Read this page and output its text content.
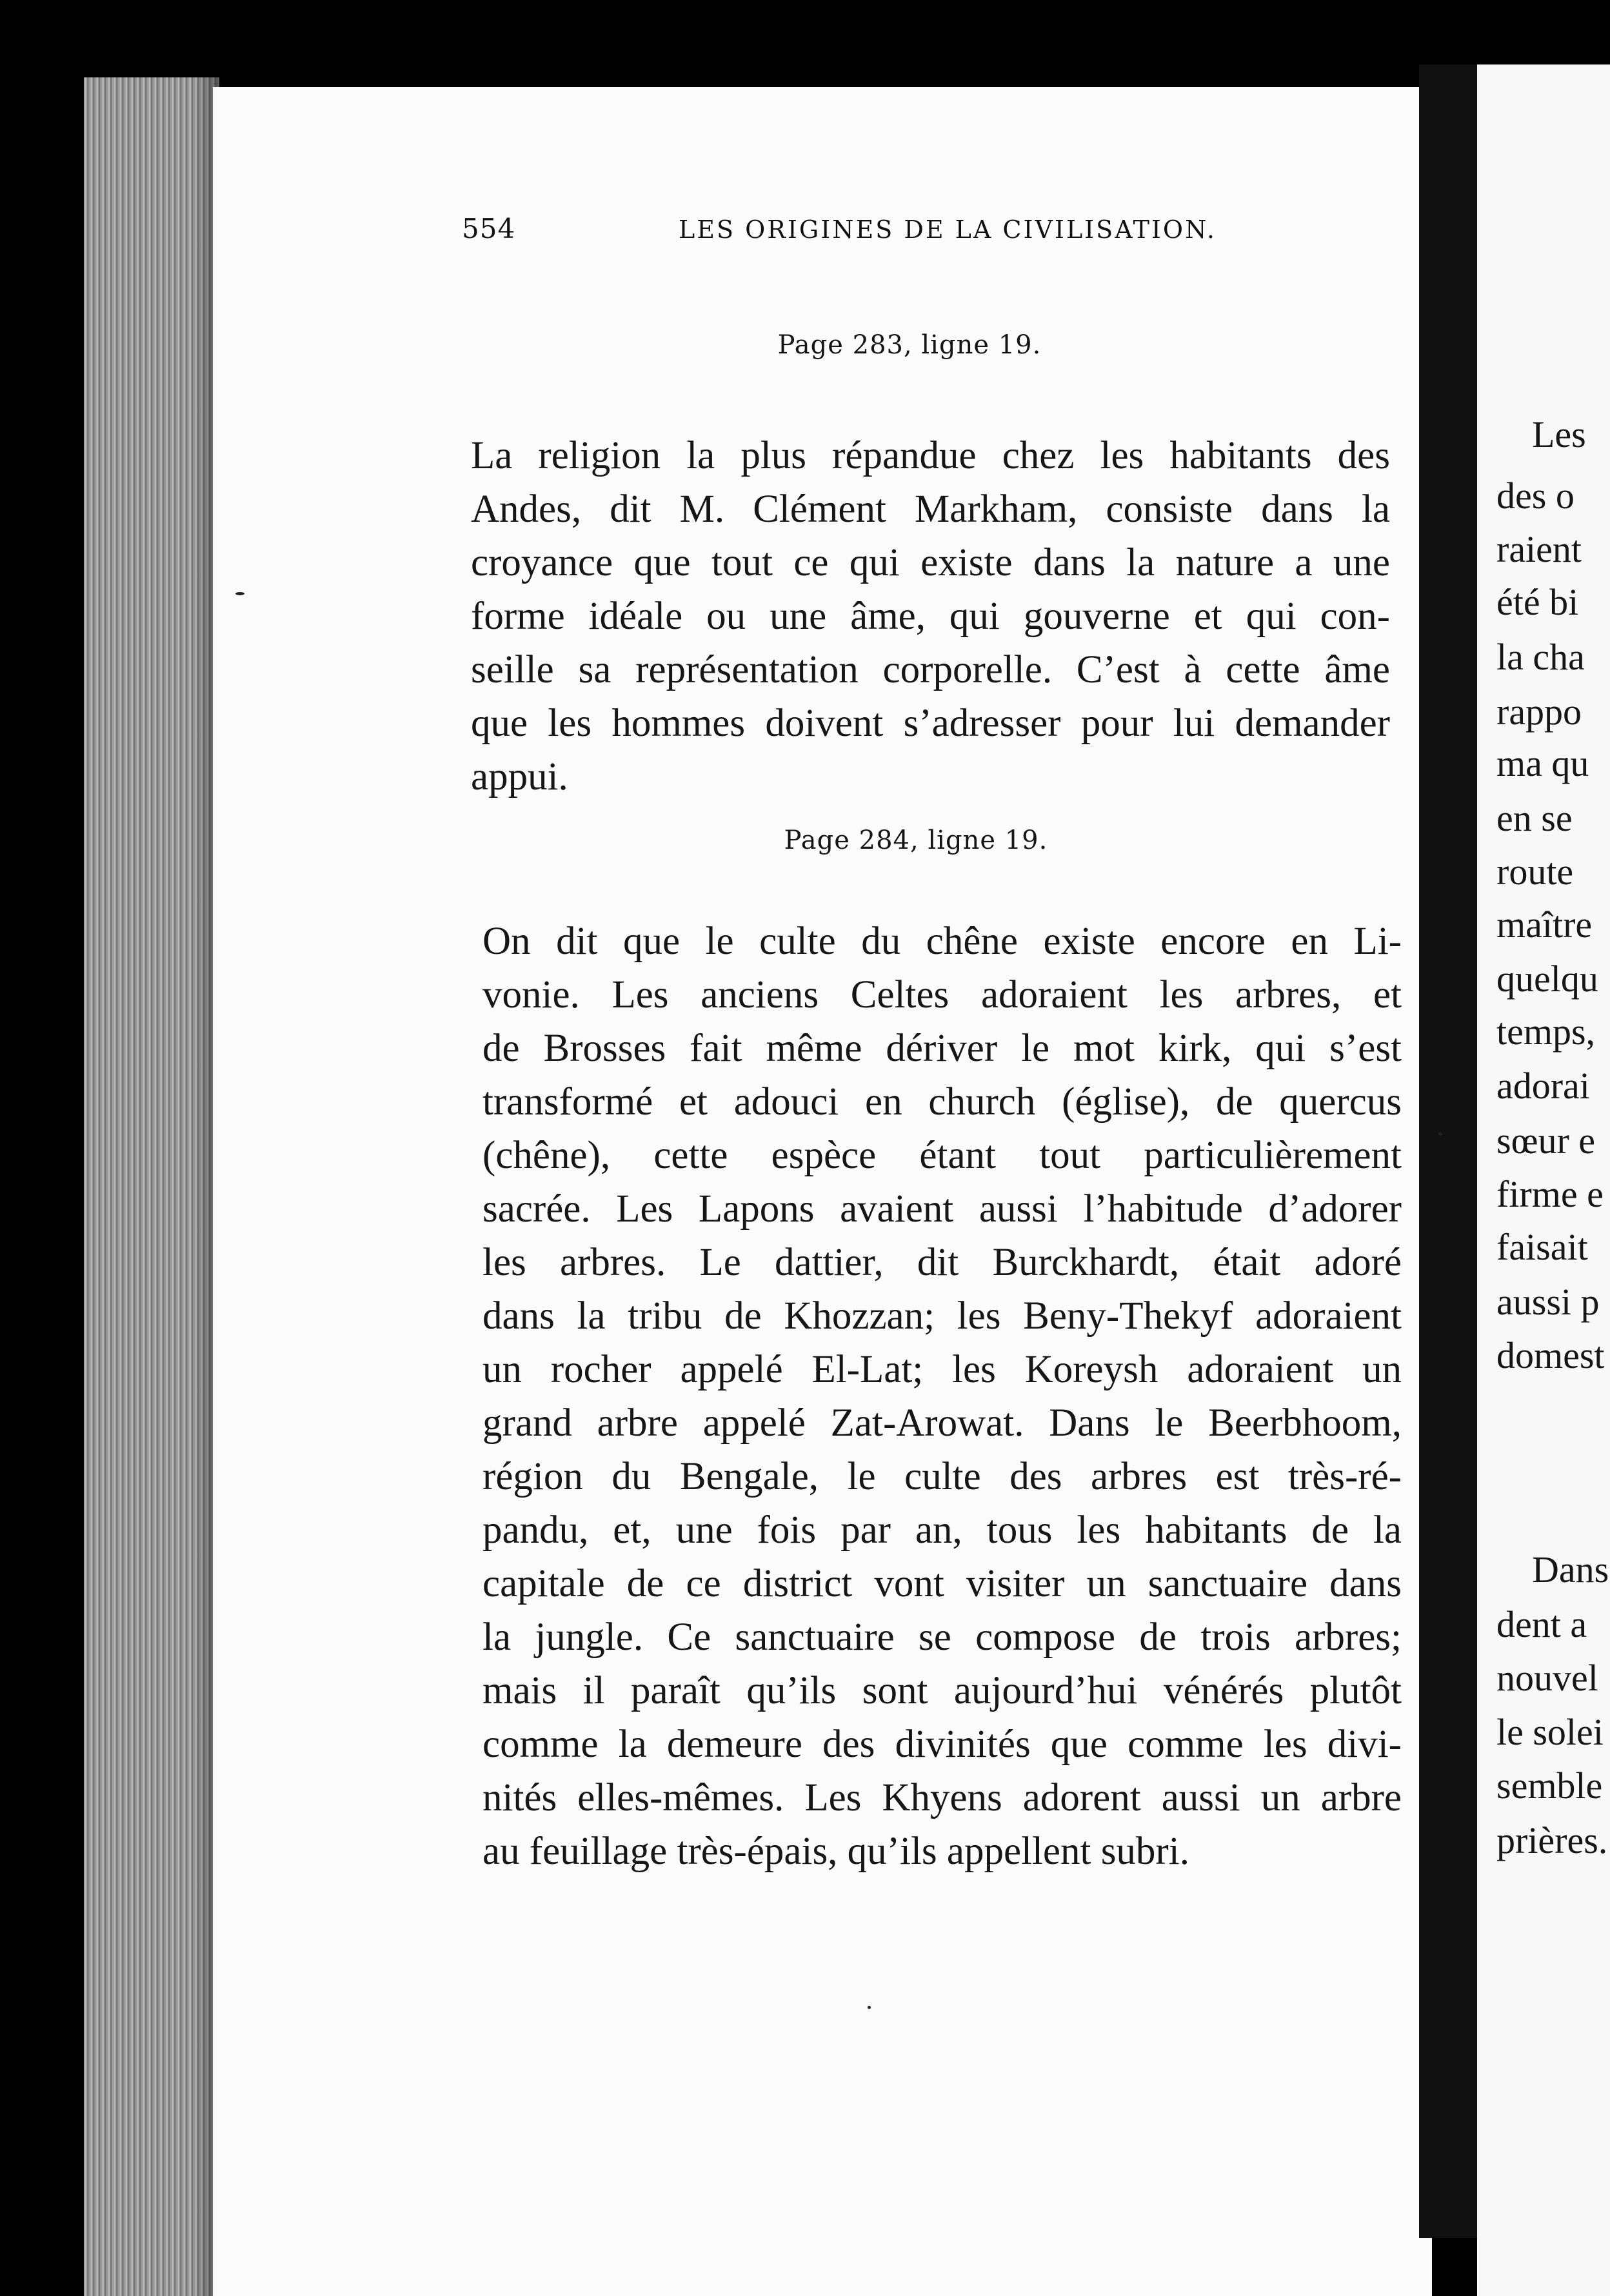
554	LES ORIGINES DE LA CIVILISATION.
Page 283, ligne 19.
La religion la plus répandue chez les habitants des
Andes, dit M. Clément Markham, consiste dans la
croyance que tout ce qui existe dans la nature a une
forme idéale ou une âme, qui gouverne et qui con-
seille sa représentation corporelle. C’est à cette âme
que les hommes doivent s’adresser pour lui demander
appui.
Page 284, ligne 19.
On dit que le culte du chêne existe encore en Li-
vonie. Les anciens Celtes adoraient les arbres, et
de Brosses fait même dériver le mot kirk, qui s’est
transformé et adouci en church (église), de quercus
(chêne), cette espèce étant tout particulièrement
sacrée. Les Lapons avaient aussi l’habitude d’adorer
les arbres. Le dattier, dit Burckhardt, était adoré
dans la tribu de Khozzan; les Beny-Thekyf adoraient
un rocher appelé El-Lat; les Koreysh adoraient un
grand arbre appelé Zat-Arowat. Dans le Beerbhoom,
région du Bengale, le culte des arbres est très-ré-
pandu, et, une fois par an, tous les habitants de la
capitale de ce district vont visiter un sanctuaire dans
la jungle. Ce sanctuaire se compose de trois arbres;
mais il paraît qu’ils sont aujourd’hui vénérés plutôt
comme la demeure des divinités que comme les divi-
nités elles-mêmes. Les Khyens adorent aussi un arbre
au feuillage très-épais, qu’ils appellent subri.
Les
des o
raient
été bi
la cha
rappo
ma qu
en se
route
maître
quelqu
temps,
adorai
sœur e
firme e
faisait
aussi p
domest
Dans
dent a
nouvel
le solei
semble
prières.
